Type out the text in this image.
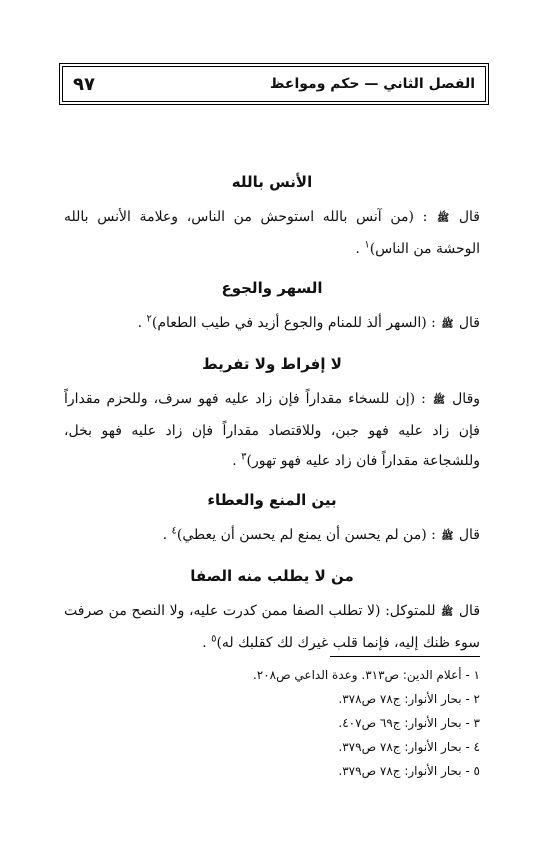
الفصل الثاني — حكم ومواعظ
٩٧
الأنس بالله

قال ﷺ : (من آنس بالله استوحش من الناس، وعلامة الأنس بالله الوحشة من الناس)$^١$ .

السهر والجوع

قال ﷺ : (السهر ألذ للمنام والجوع أزيد في طيب الطعام)$^٢$ .

لا إفراط ولا تفريط

وقال ﷺ : (إن للسخاء مقداراً فإن زاد عليه فهو سرف، وللحزم مقداراً فإن زاد عليه فهو جبن، وللاقتصاد مقداراً فإن زاد عليه فهو بخل، وللشجاعة مقداراً فان زاد عليه فهو تهور)$^٣$ .

بين المنع والعطاء

قال ﷺ : (من لم يحسن أن يمنع لم يحسن أن يعطي)$^٤$ .

من لا يطلب منه الصفا

قال ﷺ للمتوكل: (لا تطلب الصفا ممن كدرت عليه، ولا النصح من صرفت سوء ظنك إليه، فإنما قلب غيرك لك كقلبك له)$^٥$ .

١ - أعلام الدين: ص٣١٣. وعدة الداعي ص٢٠٨.
٢ - بحار الأنوار: ج٧٨ ص٣٧٨.
٣ - بحار الأنوار: ج٦٩ ص٤٠٧.
٤ - بحار الأنوار: ج٧٨ ص٣٧٩.
٥ - بحار الأنوار: ج٧٨ ص٣٧٩.
